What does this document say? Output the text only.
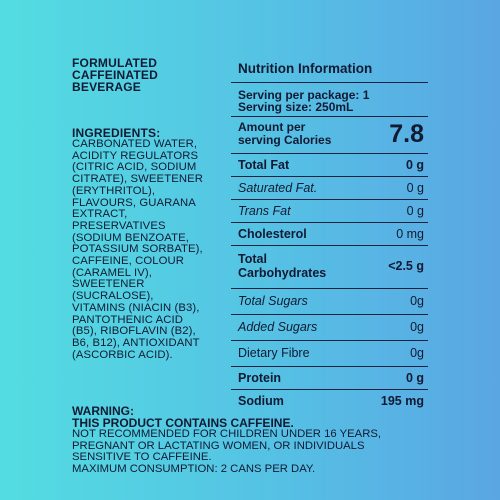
FORMULATED
CAFFEINATED
BEVERAGE
INGREDIENTS:
CARBONATED WATER,
ACIDITY REGULATORS
(CITRIC ACID, SODIUM
CITRATE), SWEETENER
(ERYTHRITOL),
FLAVOURS, GUARANA
EXTRACT,
PRESERVATIVES
(SODIUM BENZOATE,
POTASSIUM SORBATE),
CAFFEINE, COLOUR
(CARAMEL IV),
SWEETENER
(SUCRALOSE),
VITAMINS (NIACIN (B3),
PANTOTHENIC ACID
(B5), RIBOFLAVIN (B2),
B6, B12), ANTIOXIDANT
(ASCORBIC ACID).
Nutrition Information
Serving per package: 1
Serving size: 250mL
Amount per
serving Calories	7.8
Total Fat	0 g
Saturated Fat.	0 g
Trans Fat	0 g
Cholesterol	0 mg
Total
Carbohydrates	<2.5 g
Total Sugars	0g
Added Sugars	0g
Dietary Fibre	0g
Protein	0 g
Sodium	195 mg
WARNING:
THIS PRODUCT CONTAINS CAFFEINE.
NOT RECOMMENDED FOR CHILDREN UNDER 16 YEARS,
PREGNANT OR LACTATING WOMEN, OR INDIVIDUALS
SENSITIVE TO CAFFEINE.
MAXIMUM CONSUMPTION: 2 CANS PER DAY.
